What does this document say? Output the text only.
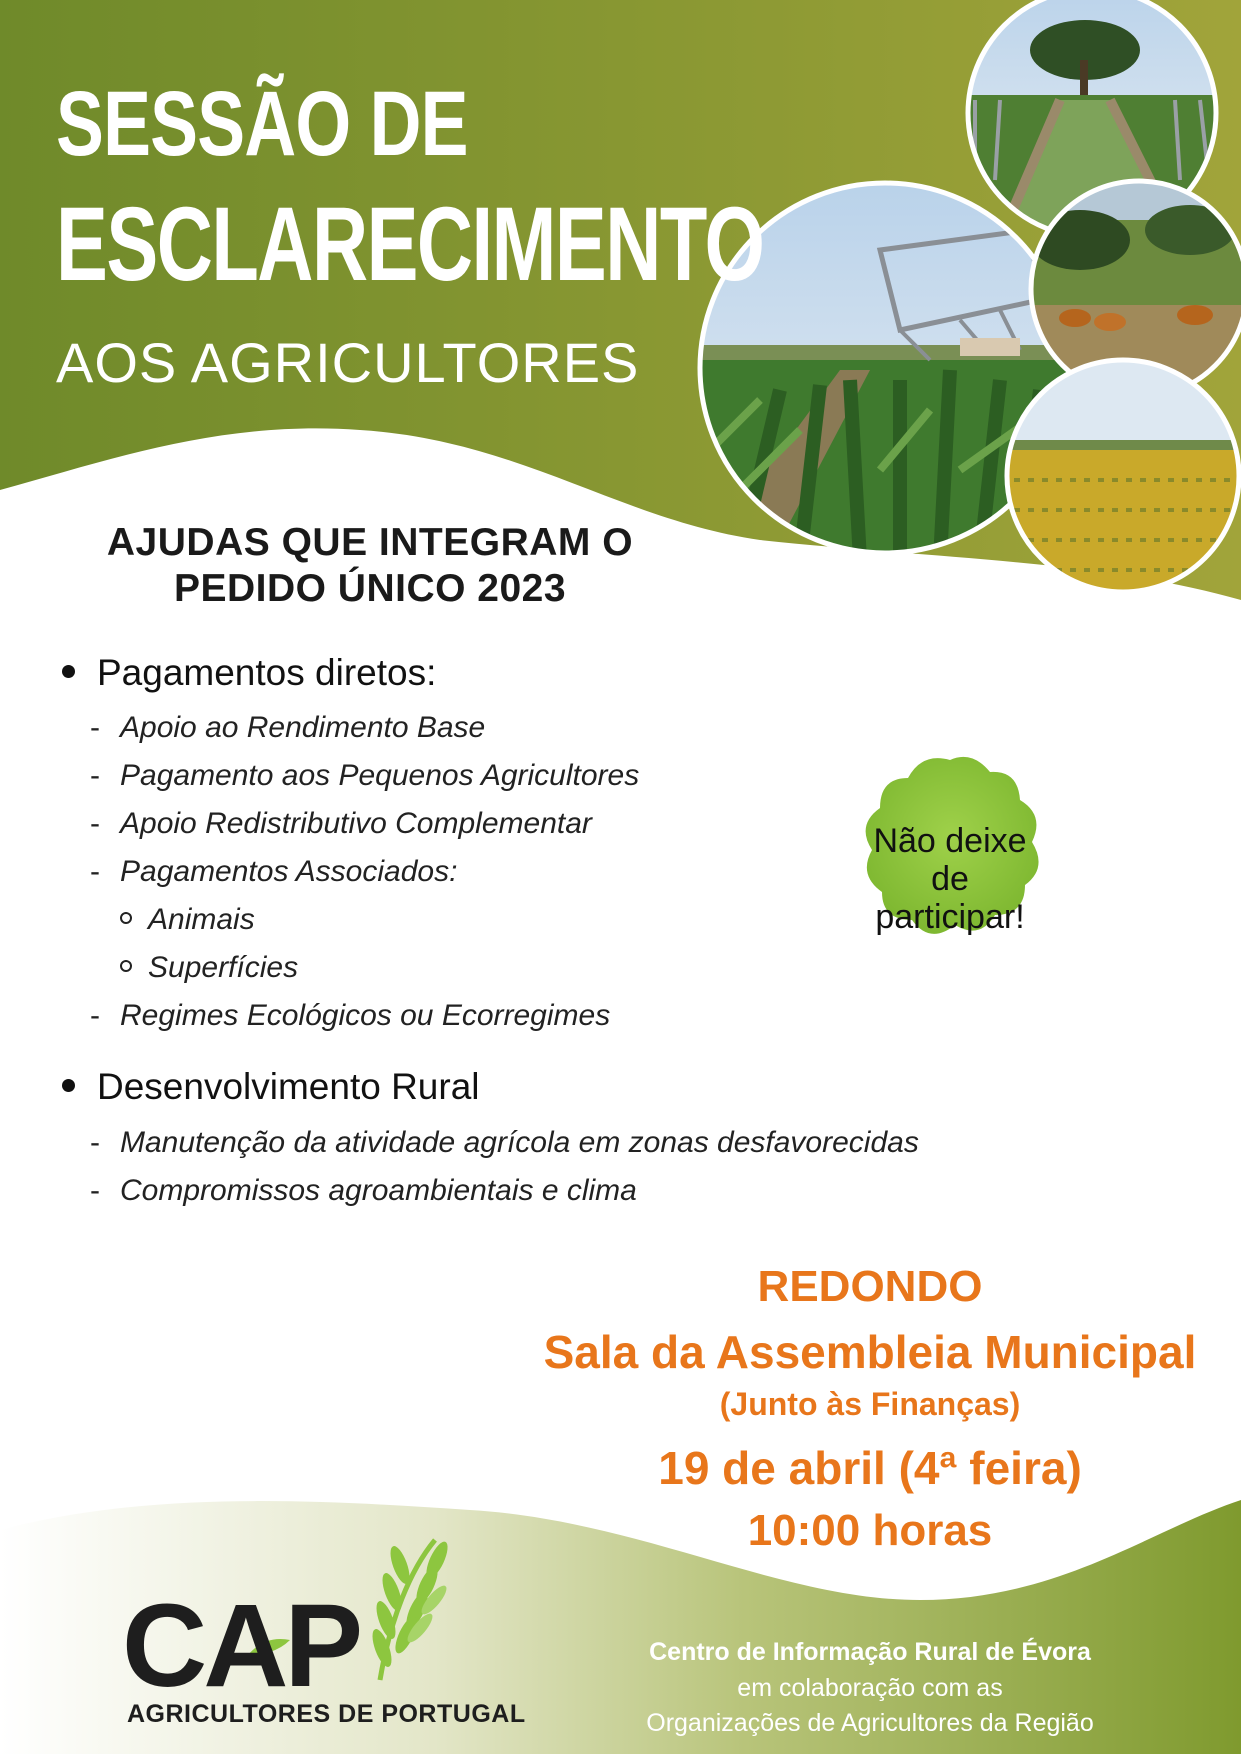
SESSÃO DE
ESCLARECIMENTO
AOS AGRICULTORES
AJUDAS QUE INTEGRAM O
PEDIDO ÚNICO 2023
Pagamentos diretos:
- Apoio ao Rendimento Base
- Pagamento aos Pequenos Agricultores
- Apoio Redistributivo Complementar
- Pagamentos Associados:
Animais
Superfícies
- Regimes Ecológicos ou Ecorregimes
Desenvolvimento Rural
- Manutenção da atividade agrícola em zonas desfavorecidas
- Compromissos agroambientais e clima
Não deixe
de
participar!
REDONDO
Sala da Assembleia Municipal
(Junto às Finanças)
19 de abril (4ª feira)
10:00 horas
CAP
AGRICULTORES DE PORTUGAL
Centro de Informação Rural de Évora
em colaboração com as
Organizações de Agricultores da Região
